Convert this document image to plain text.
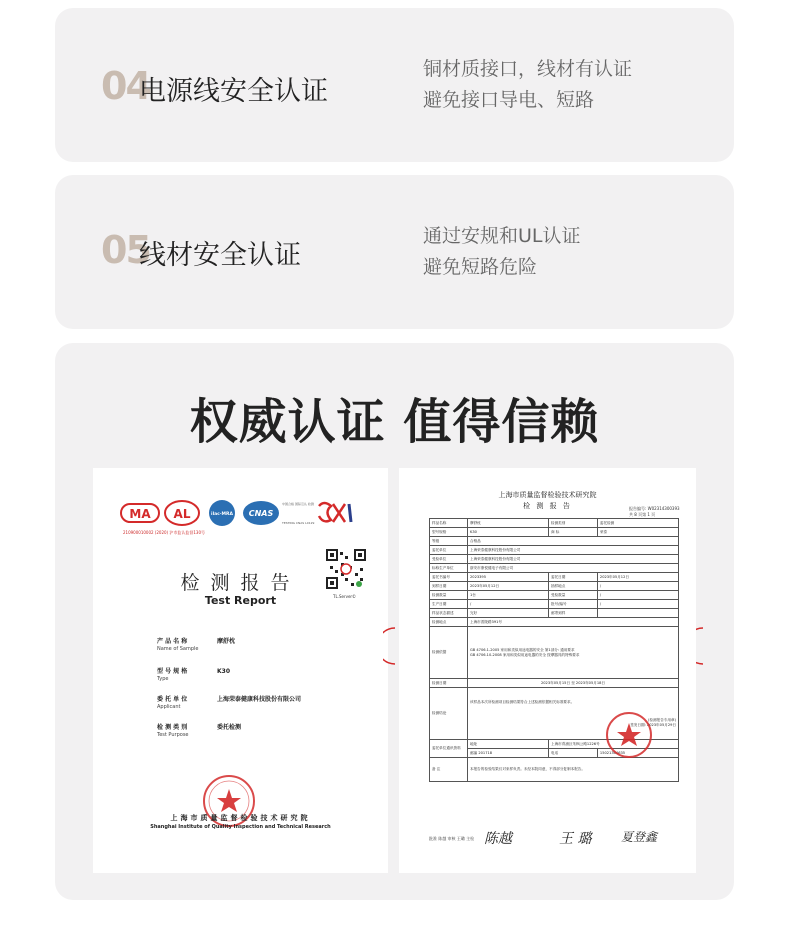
04
电源线安全认证
铜材质接口，线材有认证
避免接口导电、短路
05
线材安全认证
通过安规和UL认证
避免短路危险
权威认证 值得信赖
MA AL	ilac·MRA CNAS
中国合格 国际互认 检测
TESTING CNAS L0129
210900010002 (2020) 沪市监认监督130号
TL.Server©
检测报告
Test Report
产 品 名 称	摩舒枕
Name of Sample
型 号 规 格	K30
Type
委 托 单 位	上海荣泰健康科技股份有限公司
Applicant
检 测 类 别	委托检测
Test Purpose
上海市质量监督检验技术研究院
Shanghai Institute of Quality Inspection and Technical Research
上海市质量监督检验技术研究院
检 测 报 告	报告编号: W02314300393
共 8 页第 1 页
样品名称	摩舒枕	检测类别	委托检测
型号规格	K30	商 标	荣泰
等级	合格品		
委托单位	上海荣泰健康科技股份有限公司		
受检单位	上海荣泰健康科技股份有限公司		
标称生产单位	浙安市康悦健电子有限公司		
委托书编号	2023395	委托日期	2023年05月12日
到样日期	2023年05月12日	抽样地点	/
检测数量	1台	受检数量	/
生产日期	/	批号/编号	/
样品状态描述	完好	邮寄到样	
检测地点	上海市普陵路391号		
检测依据	GB 4706.1-2005 家用和类似用途电器的安全 第1部分: 通用要求
GB 4706.10-2008 家用和类似用途电器的安全 按摩器具的特殊要求		

检测日期	2023年05月15日 至 2023年05月18日		
检测结论	该样品本次所检测项目检测结果符合上述检测依据相关标准要求。
(检测报告专用章)
签发日期: 2023年05月29日		

委托单位通讯资料	地址	上海市青浦区朱枫公路1226号	
	邮编 201718	电话	15021304635
备 注	本报告的检验结果仅对来样负责。未经本院同意，不得部分复制本报告。		
批准 陈越 审核 王璐 主检 陈越	王 璐 夏登鑫
